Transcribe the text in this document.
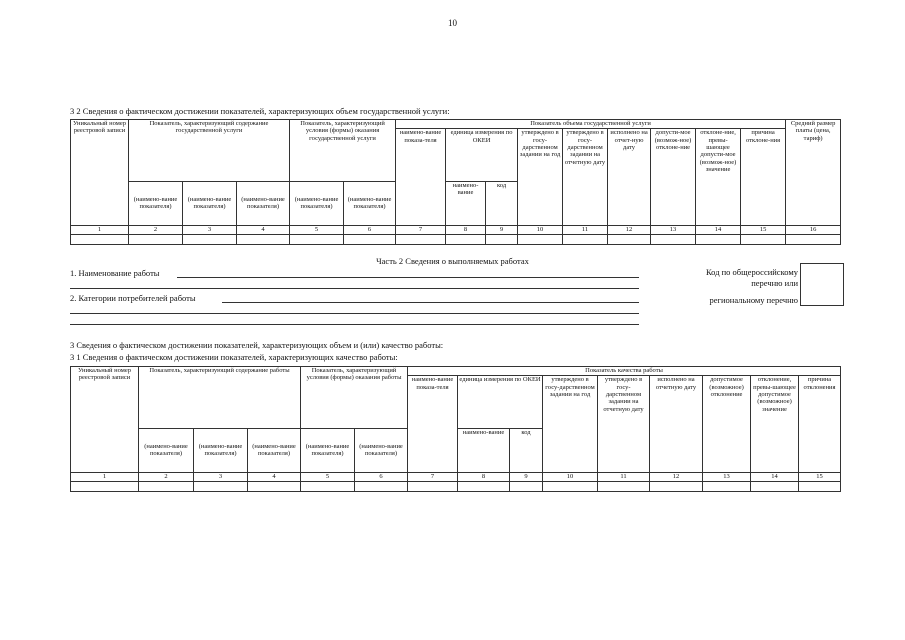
10
3 2 Сведения о фактическом достижении показателей, характеризующих объем государственной услуги:
Уникальный номер реестровой записи	Показатель, характеризующий содержание государственной услуги			Показатель, характеризующий условия (формы) оказания государственной услуги		Показатель объема государственной услуги									Средний размер платы (цена, тариф)
						наимено-вание показа-теля	единица измерения по ОКЕИ		утверждено в госу-дарственном задании на год	утверждено в госу-дарственном задании на отчетную дату	исполнено на отчет-ную дату	допусти-мое (возмож-ное) отклоне-ние	отклоне-ние, превы-шающее допусти-мое (возмож-ное) значение	причина отклоне-ния	
	(наимено-вание показателя)	(наимено-вание показателя)	(наимено-вание показателя)	(наимено-вание показателя)	(наимено-вание показателя)		наимено-вание	код							
1	2	3	4	5	6	7	8	9	10	11	12	13	14	15	16

Часть 2 Сведения о выполняемых работах
1. Наименование работы
2. Категории потребителей работы
Код по общероссийскому
перечню или
региональному перечню
3 Сведения о фактическом достижении показателей, характеризующих объем и (или) качество работы:
3 1 Сведения о фактическом достижении показателей, характеризующих качество работы:
Уникальный номер реестровой записи	Показатель, характеризующий содержание работы			Показатель, характеризующий условия (формы) оказания работы		Показатель качества работы								
						наимено-вание показа-теля	единица измерения по ОКЕИ		утверждено в госу-дарственном задании на год	утверждено в госу-дарственном задании на отчетную дату	исполнено на отчетную дату	допустимое (возможное) отклонение	отклонение, превы-шающее допустимое (возможное) значение	причина отклонения
	(наимено-вание показателя)	(наимено-вание показателя)	(наимено-вание показателя)	(наимено-вание показателя)	(наимено-вание показателя)		наимено-вание	код						
1	2	3	4	5	6	7	8	9	10	11	12	13	14	15
